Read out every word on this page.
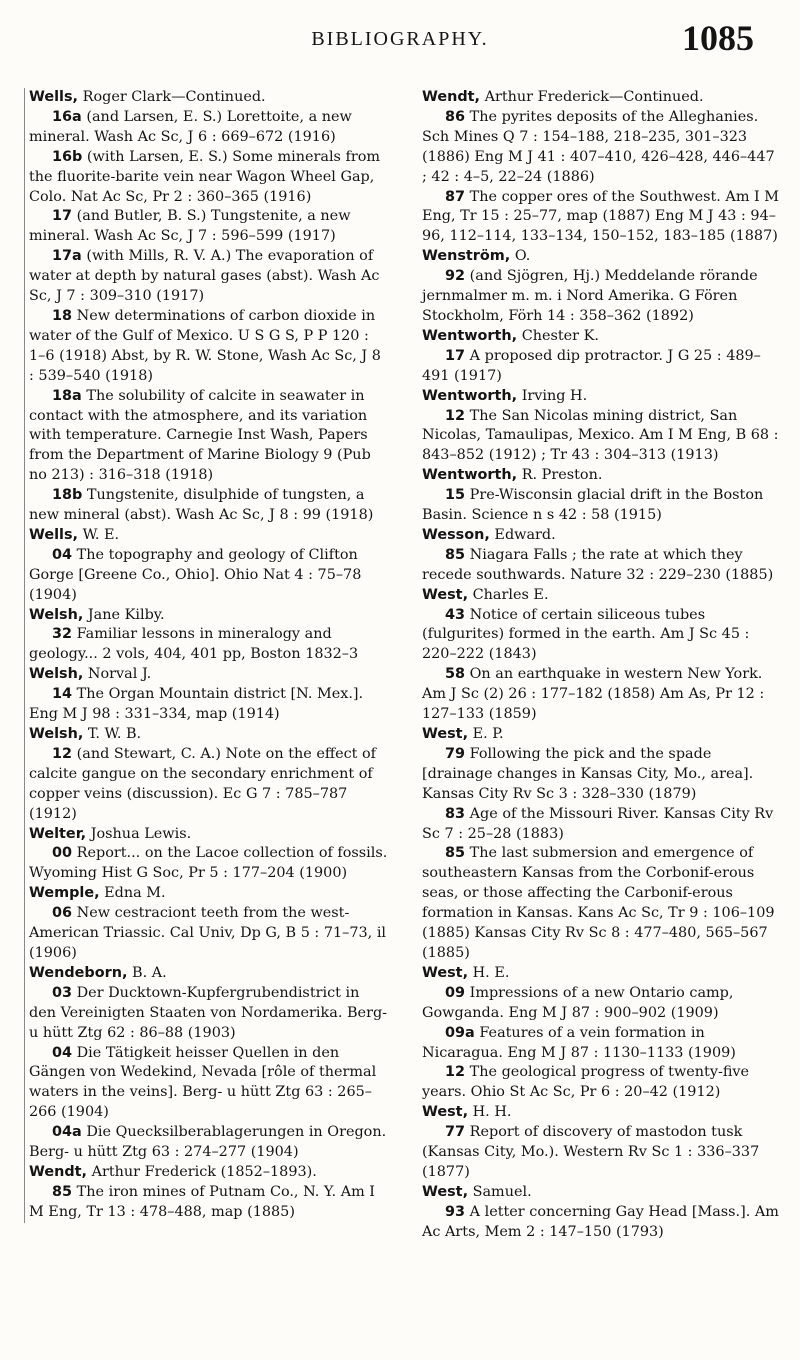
BIBLIOGRAPHY.	1085

Wells, Roger Clark—Continued.

16a (and Larsen, E. S.) Lorettoite, a new mineral. Wash Ac Sc, J 6 : 669–672 (1916)

16b (with Larsen, E. S.) Some minerals from the fluorite-barite vein near Wagon Wheel Gap, Colo. Nat Ac Sc, Pr 2 : 360–365 (1916)

17 (and Butler, B. S.) Tungstenite, a new mineral. Wash Ac Sc, J 7 : 596–599 (1917)

17a (with Mills, R. V. A.) The evaporation of water at depth by natural gases (abst). Wash Ac Sc, J 7 : 309–310 (1917)

18 New determinations of carbon dioxide in water of the Gulf of Mexico. U S G S, P P 120 : 1–6 (1918) Abst, by R. W. Stone, Wash Ac Sc, J 8 : 539–540 (1918)

18a The solubility of calcite in seawater in contact with the atmosphere, and its variation with temperature. Carnegie Inst Wash, Papers from the Department of Marine Biology 9 (Pub no 213) : 316–318 (1918)

18b Tungstenite, disulphide of tungsten, a new mineral (abst). Wash Ac Sc, J 8 : 99 (1918)

Wells, W. E.

04 The topography and geology of Clifton Gorge [Greene Co., Ohio]. Ohio Nat 4 : 75–78 (1904)

Welsh, Jane Kilby.

32 Familiar lessons in mineralogy and geology... 2 vols, 404, 401 pp, Boston 1832–3

Welsh, Norval J.

14 The Organ Mountain district [N. Mex.]. Eng M J 98 : 331–334, map (1914)

Welsh, T. W. B.

12 (and Stewart, C. A.) Note on the effect of calcite gangue on the secondary enrichment of copper veins (discussion). Ec G 7 : 785–787 (1912)

Welter, Joshua Lewis.

00 Report... on the Lacoe collection of fossils. Wyoming Hist G Soc, Pr 5 : 177–204 (1900)

Wemple, Edna M.

06 New cestraciont teeth from the west-American Triassic. Cal Univ, Dp G, B 5 : 71–73, il (1906)

Wendeborn, B. A.

03 Der Ducktown-Kupfergrubendistrict in den Vereinigten Staaten von Nordamerika. Berg- u hütt Ztg 62 : 86–88 (1903)

04 Die Tätigkeit heisser Quellen in den Gängen von Wedekind, Nevada [rôle of thermal waters in the veins]. Berg- u hütt Ztg 63 : 265–266 (1904)

04a Die Quecksilberablagerungen in Oregon. Berg- u hütt Ztg 63 : 274–277 (1904)

Wendt, Arthur Frederick (1852–1893).

85 The iron mines of Putnam Co., N. Y. Am I M Eng, Tr 13 : 478–488, map (1885)

Wendt, Arthur Frederick—Continued.

86 The pyrites deposits of the Alleghanies. Sch Mines Q 7 : 154–188, 218–235, 301–323 (1886) Eng M J 41 : 407–410, 426–428, 446–447 ; 42 : 4–5, 22–24 (1886)

87 The copper ores of the Southwest. Am I M Eng, Tr 15 : 25–77, map (1887) Eng M J 43 : 94–96, 112–114, 133–134, 150–152, 183–185 (1887)

Wenström, O.

92 (and Sjögren, Hj.) Meddelande rörande jernmalmer m. m. i Nord Amerika. G Fören Stockholm, Förh 14 : 358–362 (1892)

Wentworth, Chester K.

17 A proposed dip protractor. J G 25 : 489–491 (1917)

Wentworth, Irving H.

12 The San Nicolas mining district, San Nicolas, Tamaulipas, Mexico. Am I M Eng, B 68 : 843–852 (1912) ; Tr 43 : 304–313 (1913)

Wentworth, R. Preston.

15 Pre-Wisconsin glacial drift in the Boston Basin. Science n s 42 : 58 (1915)

Wesson, Edward.

85 Niagara Falls ; the rate at which they recede southwards. Nature 32 : 229–230 (1885)

West, Charles E.

43 Notice of certain siliceous tubes (fulgurites) formed in the earth. Am J Sc 45 : 220–222 (1843)

58 On an earthquake in western New York. Am J Sc (2) 26 : 177–182 (1858) Am As, Pr 12 : 127–133 (1859)

West, E. P.

79 Following the pick and the spade [drainage changes in Kansas City, Mo., area]. Kansas City Rv Sc 3 : 328–330 (1879)

83 Age of the Missouri River. Kansas City Rv Sc 7 : 25–28 (1883)

85 The last submersion and emergence of southeastern Kansas from the Corbonif-erous seas, or those affecting the Carbonif-erous formation in Kansas. Kans Ac Sc, Tr 9 : 106–109 (1885) Kansas City Rv Sc 8 : 477–480, 565–567 (1885)

West, H. E.

09 Impressions of a new Ontario camp, Gowganda. Eng M J 87 : 900–902 (1909)

09a Features of a vein formation in Nicaragua. Eng M J 87 : 1130–1133 (1909)

12 The geological progress of twenty-five years. Ohio St Ac Sc, Pr 6 : 20–42 (1912)

West, H. H.

77 Report of discovery of mastodon tusk (Kansas City, Mo.). Western Rv Sc 1 : 336–337 (1877)

West, Samuel.

93 A letter concerning Gay Head [Mass.]. Am Ac Arts, Mem 2 : 147–150 (1793)
